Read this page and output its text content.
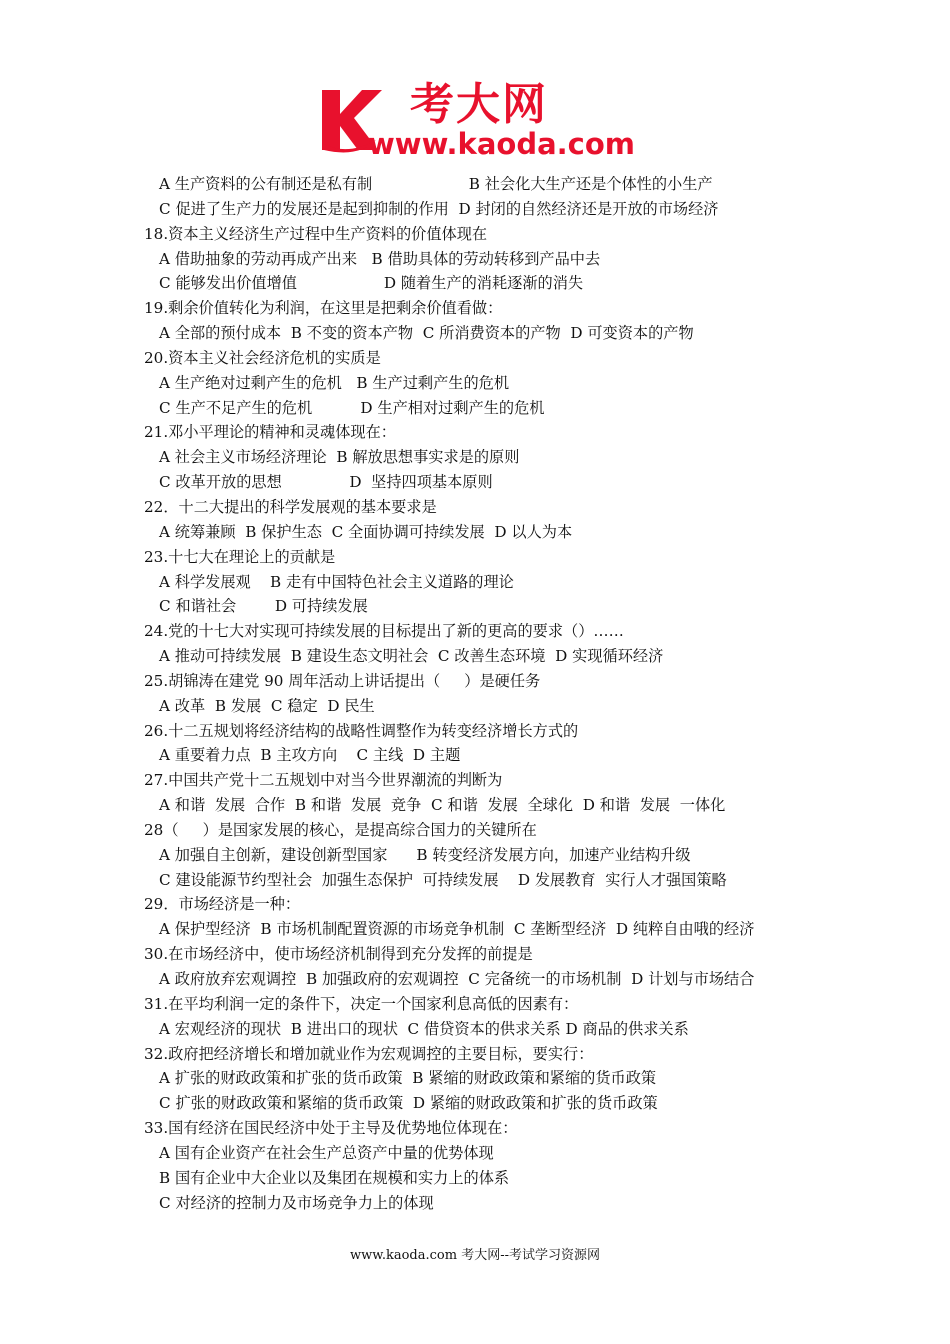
考大网
www.kaoda.com
A 生产资料的公有制还是私有制                    B 社会化大生产还是个体性的小生产
C 促进了生产力的发展还是起到抑制的作用  D 封闭的自然经济还是开放的市场经济
18.资本主义经济生产过程中生产资料的价值体现在
A 借助抽象的劳动再成产出来   B 借助具体的劳动转移到产品中去
C 能够发出价值增值                  D 随着生产的消耗逐渐的消失
19.剩余价值转化为利润，在这里是把剩余价值看做：
A 全部的预付成本  B 不变的资本产物  C 所消费资本的产物  D 可变资本的产物
20.资本主义社会经济危机的实质是
A 生产绝对过剩产生的危机   B 生产过剩产生的危机
C 生产不足产生的危机          D 生产相对过剩产生的危机
21.邓小平理论的精神和灵魂体现在：
A 社会主义市场经济理论  B 解放思想事实求是的原则
C 改革开放的思想              D  坚持四项基本原则
22．十二大提出的科学发展观的基本要求是
A 统筹兼顾  B 保护生态  C 全面协调可持续发展  D 以人为本
23.十七大在理论上的贡献是
A 科学发展观    B 走有中国特色社会主义道路的理论
C 和谐社会        D 可持续发展
24.党的十七大对实现可持续发展的目标提出了新的更高的要求（）……
A 推动可持续发展  B 建设生态文明社会  C 改善生态环境  D 实现循环经济
25.胡锦涛在建党 90 周年活动上讲话提出（     ）是硬任务
A 改革  B 发展  C 稳定  D 民生
26.十二五规划将经济结构的战略性调整作为转变经济增长方式的
A 重要着力点  B 主攻方向    C 主线  D 主题
27.中国共产党十二五规划中对当今世界潮流的判断为
A 和谐  发展  合作  B 和谐  发展  竞争  C 和谐  发展  全球化  D 和谐  发展  一体化
28（     ）是国家发展的核心，是提高综合国力的关键所在
A 加强自主创新，建设创新型国家      B 转变经济发展方向，加速产业结构升级
C 建设能源节约型社会  加强生态保护  可持续发展    D 发展教育  实行人才强国策略
29．市场经济是一种：
A 保护型经济  B 市场机制配置资源的市场竞争机制  C 垄断型经济  D 纯粹自由哦的经济
30.在市场经济中，使市场经济机制得到充分发挥的前提是
A 政府放弃宏观调控  B 加强政府的宏观调控  C 完备统一的市场机制  D 计划与市场结合
31.在平均利润一定的条件下，决定一个国家利息高低的因素有：
A 宏观经济的现状  B 进出口的现状  C 借贷资本的供求关系 D 商品的供求关系
32.政府把经济增长和增加就业作为宏观调控的主要目标，要实行：
A 扩张的财政政策和扩张的货币政策  B 紧缩的财政政策和紧缩的货币政策
C 扩张的财政政策和紧缩的货币政策  D 紧缩的财政政策和扩张的货币政策
33.国有经济在国民经济中处于主导及优势地位体现在：
A 国有企业资产在社会生产总资产中量的优势体现
B 国有企业中大企业以及集团在规模和实力上的体系
C 对经济的控制力及市场竞争力上的体现
www.kaoda.com 考大网--考试学习资源网
